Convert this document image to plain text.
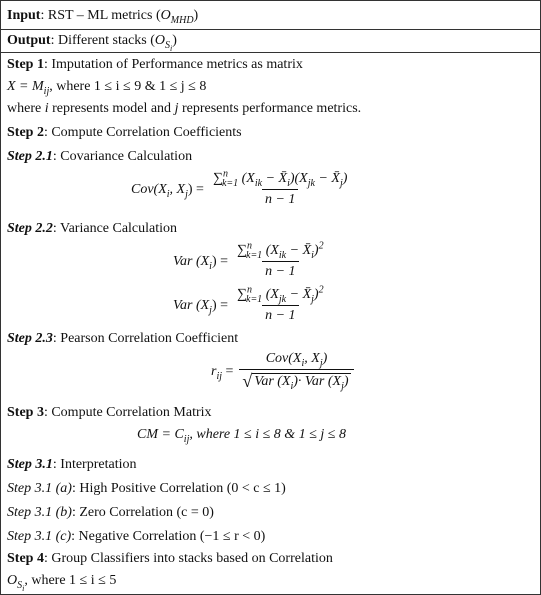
Input: RST – ML metrics $(O_{MHD})$
Output: Different stacks $(O_{S_i})$
Step 1: Imputation of Performance metrics as matrix
$X = M_{ij}$, where 1 ≤ i ≤ 9 & 1 ≤ j ≤ 8
where i represents model and j represents performance metrics.
Step 2: Compute Correlation Coefficients
Step 2.1: Covariance Calculation
$Cov(X_i$, $X_j) = \frac{\sum^n_{k=1} (X_{ik} - X̄_i)(X_{jk} - X̄_j)}{n - 1}$
Step 2.2: Variance Calculation
Var $(X_i) = \frac{\sum^n_{k=1} (X_{ik} - X̄_i)^2}{n - 1}$
Var $(X_j) = \frac{\sum^n_{k=1} (X_{jk} - X̄_j)^2}{n - 1}$
Step 2.3: Pearson Correlation Coefficient
$r_{ij} = \frac{Cov(X_i, X_j)}{√ Var (X_i)\cdot Var (X_j)}$
Step 3: Compute Correlation Matrix
CM = $C_{ij}$, where 1 ≤ i ≤ 8 & 1 ≤ j ≤ 8
Step 3.1: Interpretation
Step 3.1 (a): High Positive Correlation (0 < c ≤ 1)
Step 3.1 (b): Zero Correlation (c = 0)
Step 3.1 (c): Negative Correlation (−1 ≤ r < 0)
Step 4: Group Classifiers into stacks based on Correlation
$O_{S_i}$, where 1 ≤ i ≤ 5
